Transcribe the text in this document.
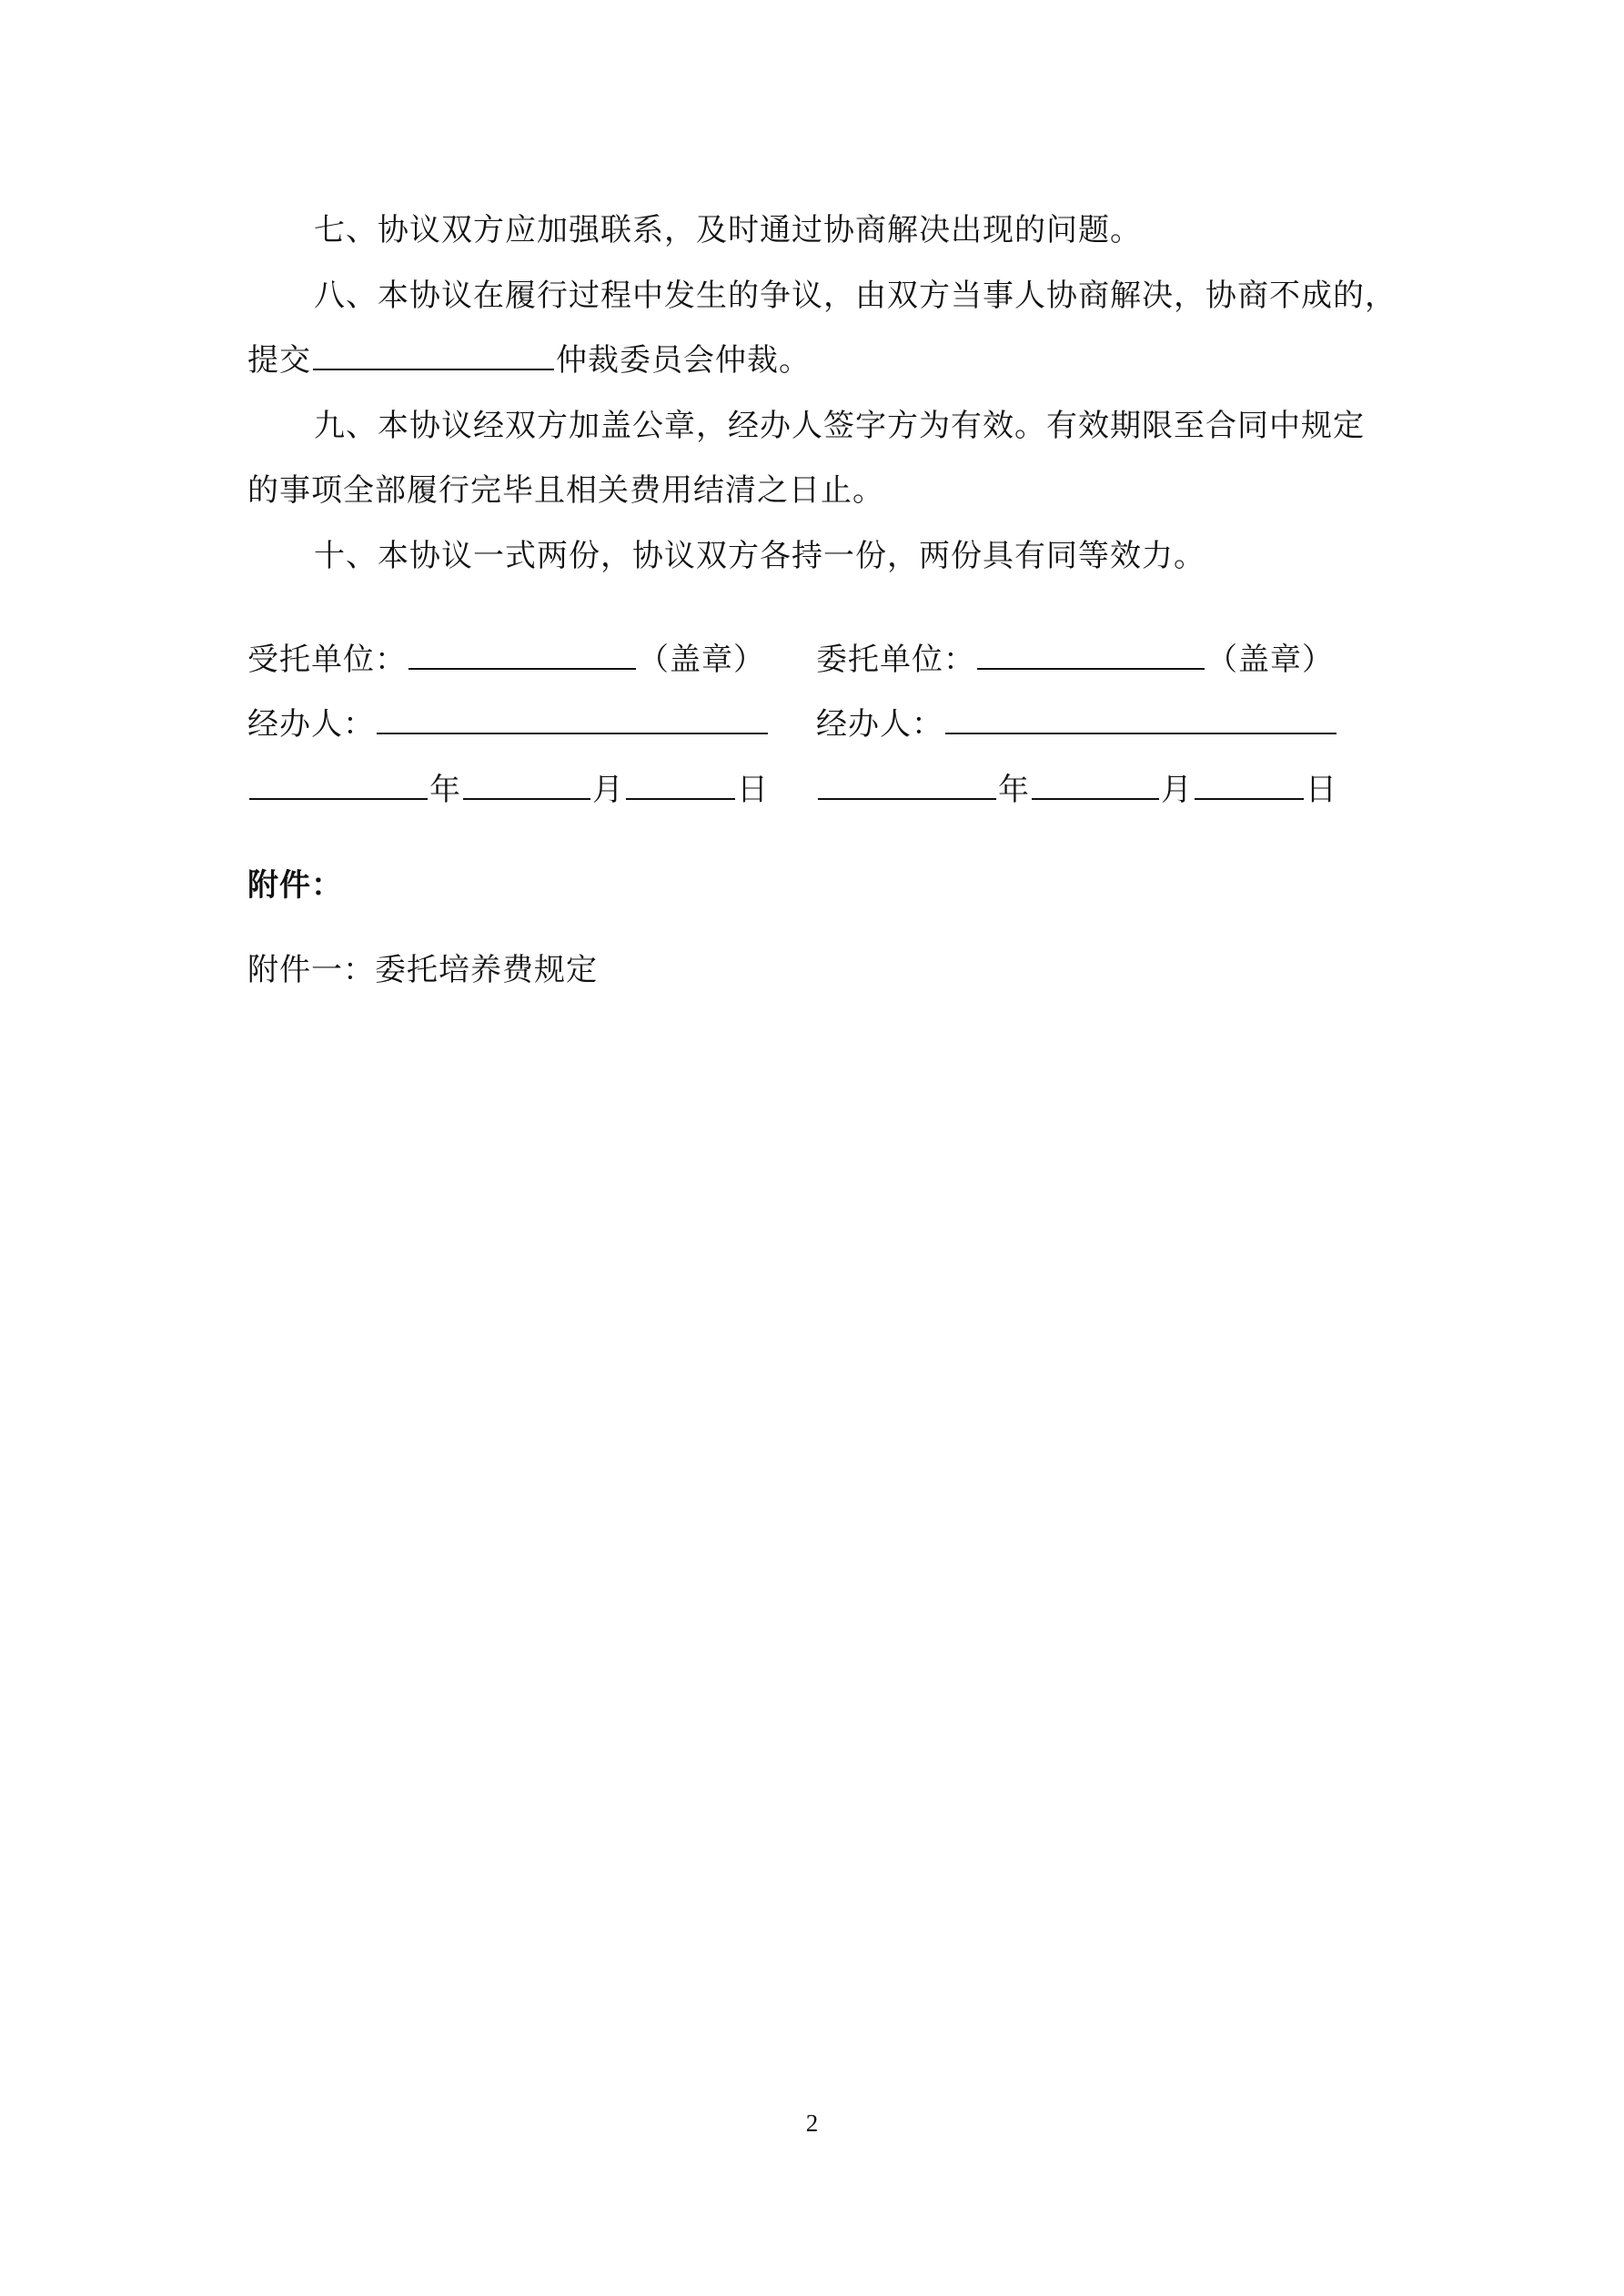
七、协议双方应加强联系，及时通过协商解决出现的问题。
八、本协议在履行过程中发生的争议，由双方当事人协商解决，协商不成的，
提交	仲裁委员会仲裁。
九、本协议经双方加盖公章，经办人签字方为有效。有效期限至合同中规定
的事项全部履行完毕且相关费用结清之日止。
十、本协议一式两份，协议双方各持一份，两份具有同等效力。
受托单位：	（盖章）
经办人：
年	月	日
委托单位：	（盖章）
经办人：
年	月	日
附件：
附件一：委托培养费规定
2
